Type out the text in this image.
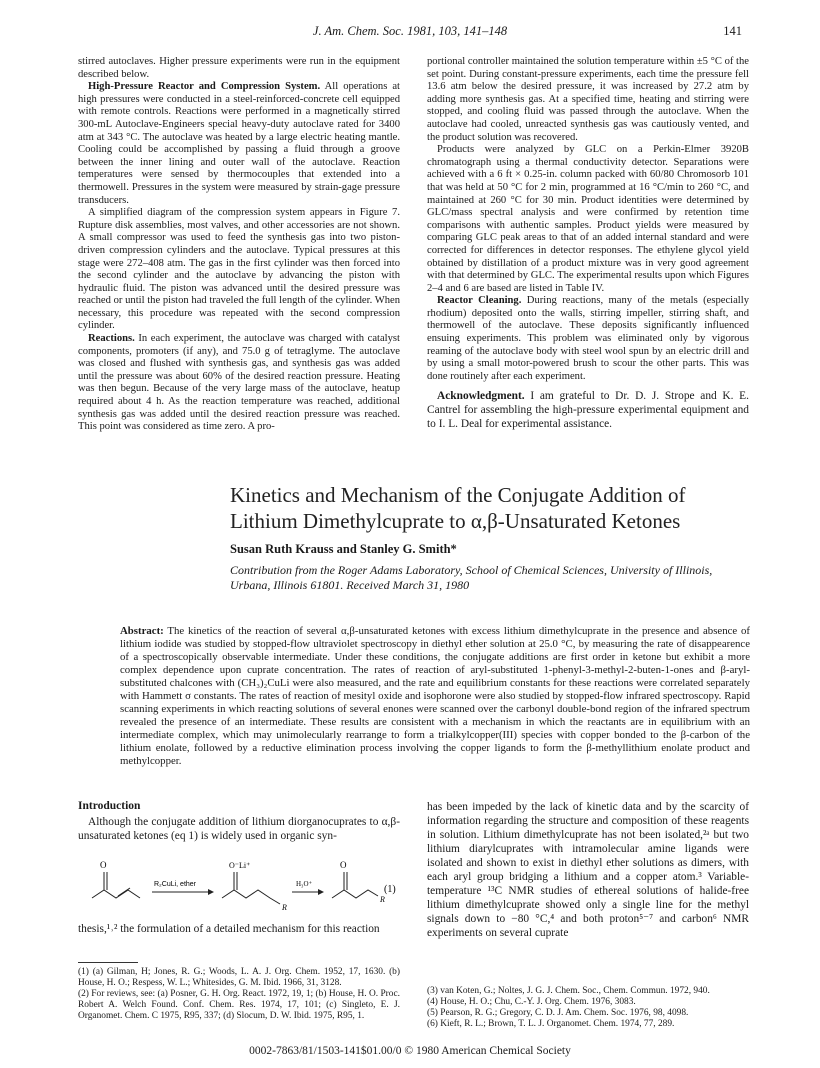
J. Am. Chem. Soc. 1981, 103, 141–148	141

stirred autoclaves. Higher pressure experiments were run in the equipment described below.

High-Pressure Reactor and Compression System. All operations at high pressures were conducted in a steel-reinforced-concrete cell equipped with remote controls. Reactions were performed in a magnetically stirred 300-mL Autoclave-Engineers special heavy-duty autoclave rated for 3400 atm at 343 °C. The autoclave was heated by a large electric heating mantle. Cooling could be accomplished by passing a fluid through a groove between the inner lining and outer wall of the autoclave. Reaction temperatures were sensed by thermocouples that extended into a thermowell. Pressures in the system were measured by strain-gage pressure transducers.

A simplified diagram of the compression system appears in Figure 7. Rupture disk assemblies, most valves, and other accessories are not shown. A small compressor was used to feed the synthesis gas into two piston-driven compression cylinders and the autoclave. Typical pressures at this stage were 272–408 atm. The gas in the first cylinder was then forced into the second cylinder and the autoclave by advancing the piston with hydraulic fluid. The piston was advanced until the desired pressure was reached or until the piston had traveled the full length of the cylinder. When necessary, this procedure was repeated with the second compression cylinder.

Reactions. In each experiment, the autoclave was charged with catalyst components, promoters (if any), and 75.0 g of tetraglyme. The autoclave was closed and flushed with synthesis gas, and synthesis gas was added until the pressure was about 60% of the desired reaction pressure. Heating was then begun. Because of the very large mass of the autoclave, heatup required about 4 h. As the reaction temperature was reached, additional synthesis gas was added until the desired reaction pressure was reached. This point was considered as time zero. A pro-

portional controller maintained the solution temperature within ±5 °C of the set point. During constant-pressure experiments, each time the pressure fell 13.6 atm below the desired pressure, it was increased by 27.2 atm by adding more synthesis gas. At a specified time, heating and stirring were stopped, and cooling fluid was passed through the autoclave. When the autoclave had cooled, unreacted synthesis gas was cautiously vented, and the product solution was recovered.

Products were analyzed by GLC on a Perkin-Elmer 3920B chromatograph using a thermal conductivity detector. Separations were achieved with a 6 ft × 0.25-in. column packed with 60/80 Chromosorb 101 that was held at 50 °C for 2 min, programmed at 16 °C/min to 260 °C, and maintained at 260 °C for 30 min. Product identities were determined by GLC/mass spectral analysis and were confirmed by retention time comparisons with authentic samples. Product yields were measured by comparing GLC peak areas to that of an added internal standard and were corrected for differences in detector responses. The ethylene glycol yield obtained by distillation of a product mixture was in very good agreement with that determined by GLC. The experimental results upon which Figures 2–4 and 6 are based are listed in Table IV.

Reactor Cleaning. During reactions, many of the metals (especially rhodium) deposited onto the walls, stirring impeller, stirring shaft, and thermowell of the autoclave. These deposits significantly influenced ensuing experiments. This problem was eliminated only by vigorous reaming of the autoclave body with steel wool spun by an electric drill and by using a small motor-powered brush to scour the other parts. This was done routinely after each experiment.

Acknowledgment. I am grateful to Dr. D. J. Strope and K. E. Cantrel for assembling the high-pressure experimental equipment and to I. L. Deal for experimental assistance.

Kinetics and Mechanism of the Conjugate Addition of
Lithium Dimethylcuprate to α,β-Unsaturated Ketones
Susan Ruth Krauss and Stanley G. Smith*
Contribution from the Roger Adams Laboratory, School of Chemical Sciences, University of Illinois, Urbana, Illinois 61801. Received March 31, 1980
Abstract: The kinetics of the reaction of several α,β-unsaturated ketones with excess lithium dimethylcuprate in the presence and absence of lithium iodide was studied by stopped-flow ultraviolet spectroscopy in diethyl ether solution at 25.0 °C, by measuring the rate of disappearence of a spectroscopically observable intermediate. Under these conditions, the conjugate additions are first order in ketone but exhibit a more complex dependence upon cuprate concentration. The rates of reaction of aryl-substituted 1-phenyl-3-methyl-2-buten-1-ones and β-aryl-substituted chalcones with (CH₃)₂CuLi were also measured, and the rate and equilibrium constants for these reactions were correlated separately with Hammett σ constants. The rates of reaction of mesityl oxide and isophorone were also studied by stopped-flow infrared spectroscopy. Rapid scanning experiments in which reacting solutions of several enones were scanned over the carbonyl double-bond region of the infrared spectrum revealed the presence of an intermediate. These results are consistent with a mechanism in which the reactants are in equilibrium with an intermediate complex, which may unimolecularly rearrange to form a trialkylcopper(III) species with copper bonded to the β-carbon of the lithium enolate, followed by a reductive elimination process involving the copper ligands to form the β-methyllithium enolate product and methylcopper.
Introduction

Although the conjugate addition of lithium diorganocuprates to α,β-unsaturated ketones (eq 1) is widely used in organic syn-

O
R₂CuLi, ether
O⁻Li⁺
R
H₃O⁺
O
R
(1)
thesis,¹˒² the formulation of a detailed mechanism for this reaction
has been impeded by the lack of kinetic data and by the scarcity of information regarding the structure and composition of these reagents in solution. Lithium dimethylcuprate has not been isolated,²ᵃ but two lithium diarylcuprates with intramolecular amine ligands were isolated and shown to exist in diethyl ether solutions as dimers, with each aryl group bridging a lithium and a copper atom.³ Variable-temperature ¹³C NMR studies of ethereal solutions of halide-free lithium dimethylcuprate showed only a single line for the methyl signals down to −80 °C,⁴ and both proton⁵⁻⁷ and carbon⁶ NMR experiments on several cuprate
(1) (a) Gilman, H; Jones, R. G.; Woods, L. A. J. Org. Chem. 1952, 17, 1630. (b) House, H. O.; Respess, W. L.; Whitesides, G. M. Ibid. 1966, 31, 3128.
(2) For reviews, see: (a) Posner, G. H. Org. React. 1972, 19, 1; (b) House, H. O. Proc. Robert A. Welch Found. Conf. Chem. Res. 1974, 17, 101; (c) Singleto, E. J. Organomet. Chem. C 1975, R95, 337; (d) Slocum, D. W. Ibid. 1975, R95, 1.
(3) van Koten, G.; Noltes, J. G. J. Chem. Soc., Chem. Commun. 1972, 940.
(4) House, H. O.; Chu, C.-Y. J. Org. Chem. 1976, 3083.
(5) Pearson, R. G.; Gregory, C. D. J. Am. Chem. Soc. 1976, 98, 4098.
(6) Kieft, R. L.; Brown, T. L. J. Organomet. Chem. 1974, 77, 289.
0002-7863/81/1503-141$01.00/0 © 1980 American Chemical Society
